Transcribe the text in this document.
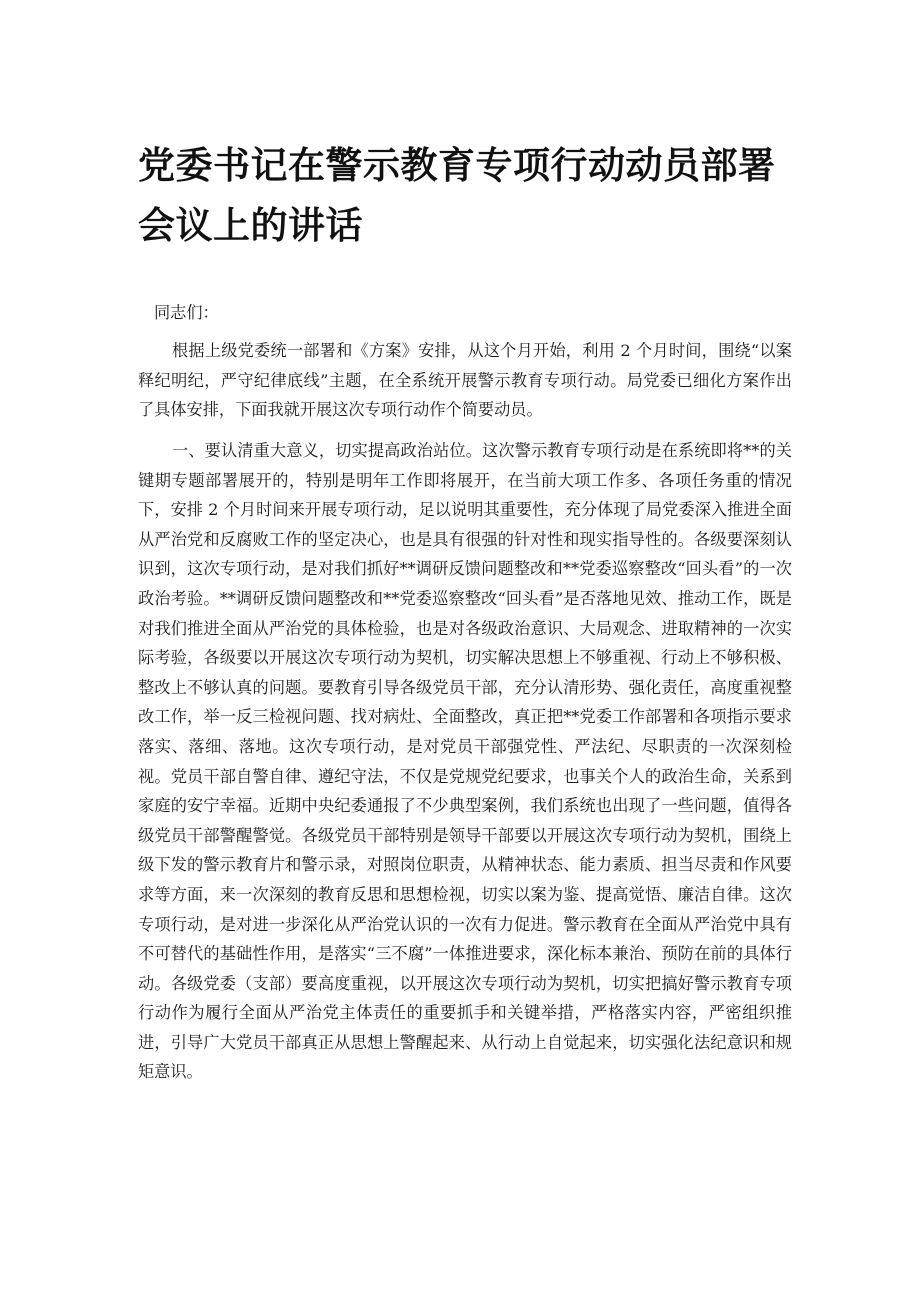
党委书记在警示教育专项行动动员部署会议上的讲话

同志们：

根据上级党委统一部署和《方案》安排，从这个月开始，利用 2 个月时间，围绕“以案释纪明纪，严守纪律底线”主题，在全系统开展警示教育专项行动。局党委已细化方案作出了具体安排，下面我就开展这次专项行动作个简要动员。

一、要认清重大意义，切实提高政治站位。这次警示教育专项行动是在系统即将**的关键期专题部署展开的，特别是明年工作即将展开，在当前大项工作多、各项任务重的情况下，安排 2 个月时间来开展专项行动，足以说明其重要性，充分体现了局党委深入推进全面从严治党和反腐败工作的坚定决心，也是具有很强的针对性和现实指导性的。各级要深刻认识到，这次专项行动，是对我们抓好**调研反馈问题整改和**党委巡察整改“回头看”的一次政治考验。**调研反馈问题整改和**党委巡察整改“回头看”是否落地见效、推动工作，既是对我们推进全面从严治党的具体检验，也是对各级政治意识、大局观念、进取精神的一次实际考验，各级要以开展这次专项行动为契机，切实解决思想上不够重视、行动上不够积极、整改上不够认真的问题。要教育引导各级党员干部，充分认清形势、强化责任，高度重视整改工作，举一反三检视问题、找对病灶、全面整改，真正把**党委工作部署和各项指示要求落实、落细、落地。这次专项行动，是对党员干部强党性、严法纪、尽职责的一次深刻检视。党员干部自警自律、遵纪守法，不仅是党规党纪要求，也事关个人的政治生命，关系到家庭的安宁幸福。近期中央纪委通报了不少典型案例，我们系统也出现了一些问题，值得各级党员干部警醒警觉。各级党员干部特别是领导干部要以开展这次专项行动为契机，围绕上级下发的警示教育片和警示录，对照岗位职责，从精神状态、能力素质、担当尽责和作风要求等方面，来一次深刻的教育反思和思想检视，切实以案为鉴、提高觉悟、廉洁自律。这次专项行动，是对进一步深化从严治党认识的一次有力促进。警示教育在全面从严治党中具有不可替代的基础性作用，是落实“三不腐”一体推进要求，深化标本兼治、预防在前的具体行动。各级党委（支部）要高度重视，以开展这次专项行动为契机，切实把搞好警示教育专项行动作为履行全面从严治党主体责任的重要抓手和关键举措，严格落实内容，严密组织推进，引导广大党员干部真正从思想上警醒起来、从行动上自觉起来，切实强化法纪意识和规矩意识。
